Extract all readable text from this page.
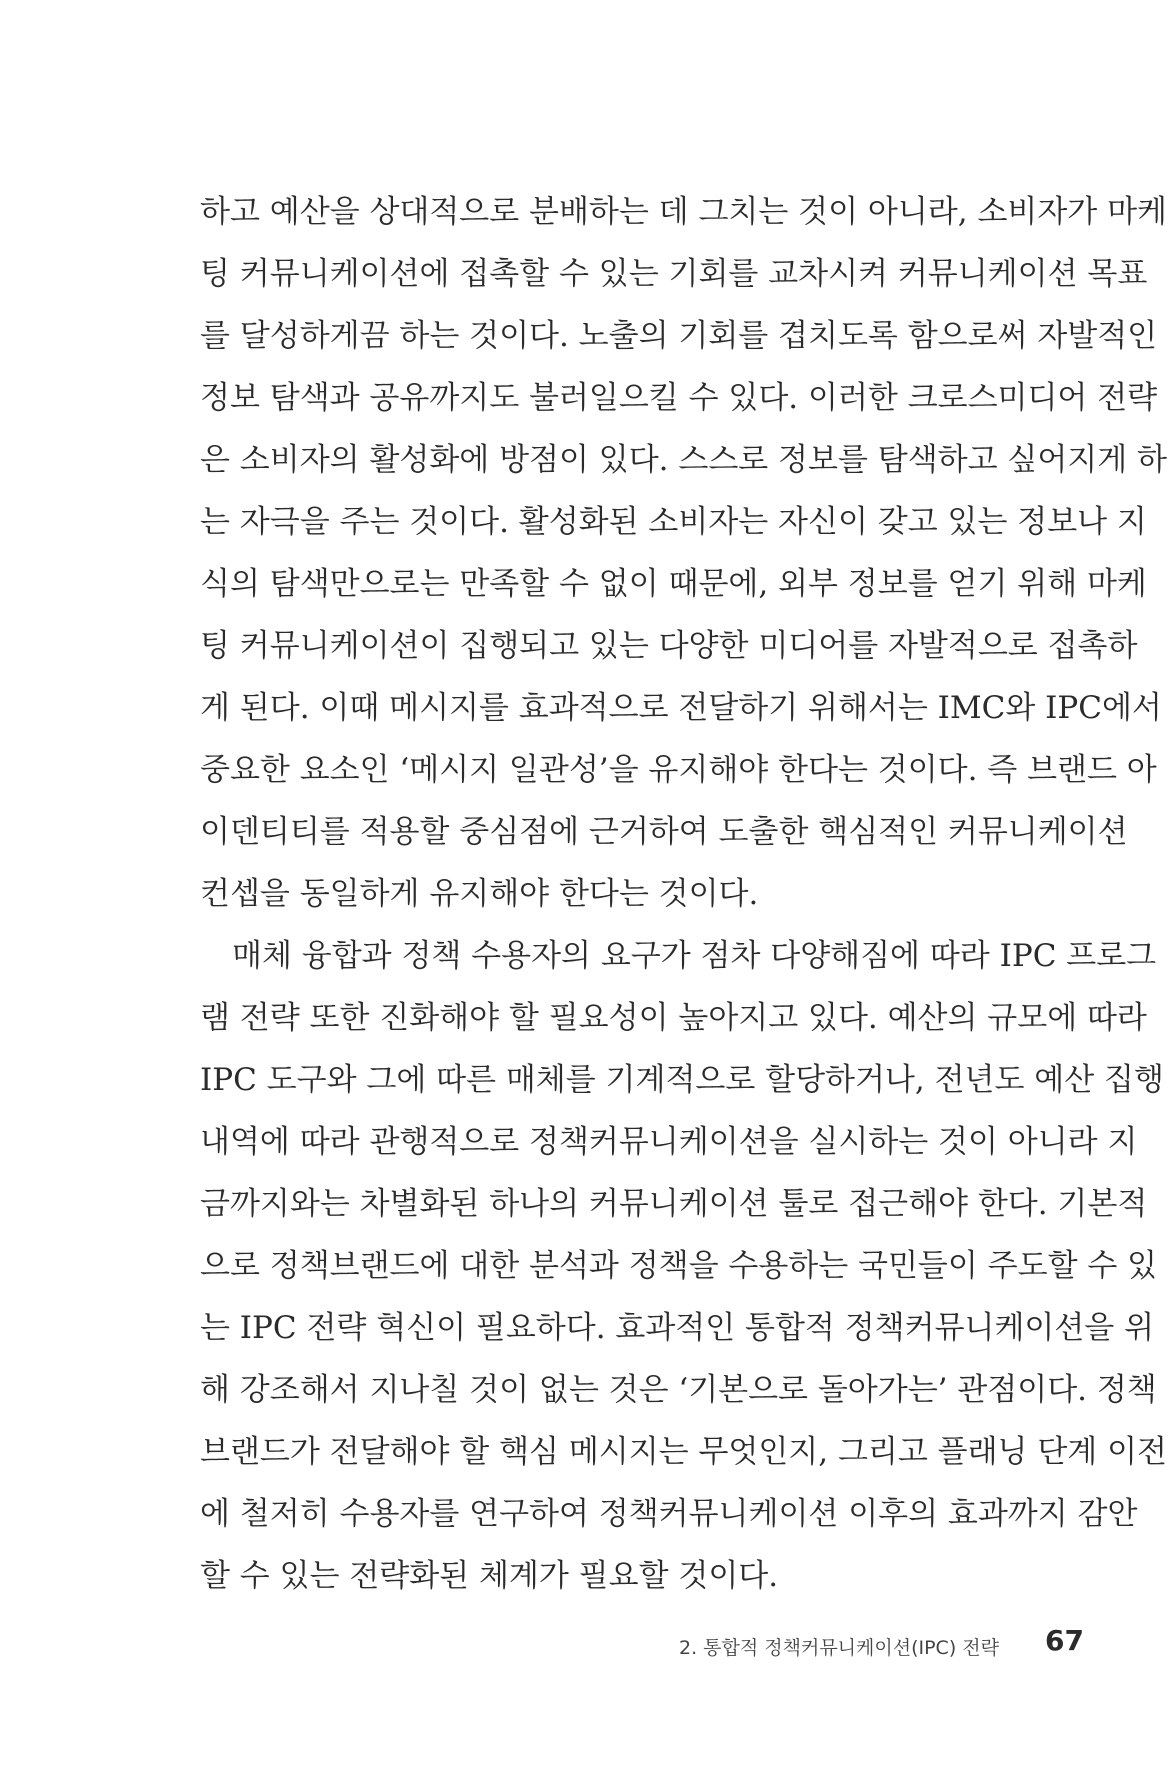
하고 예산을 상대적으로 분배하는 데 그치는 것이 아니라, 소비자가 마케
팅 커뮤니케이션에 접촉할 수 있는 기회를 교차시켜 커뮤니케이션 목표
를 달성하게끔 하는 것이다. 노출의 기회를 겹치도록 함으로써 자발적인
정보 탐색과 공유까지도 불러일으킬 수 있다. 이러한 크로스미디어 전략
은 소비자의 활성화에 방점이 있다. 스스로 정보를 탐색하고 싶어지게 하
는 자극을 주는 것이다. 활성화된 소비자는 자신이 갖고 있는 정보나 지
식의 탐색만으로는 만족할 수 없이 때문에, 외부 정보를 얻기 위해 마케
팅 커뮤니케이션이 집행되고 있는 다양한 미디어를 자발적으로 접촉하
게 된다. 이때 메시지를 효과적으로 전달하기 위해서는 IMC와 IPC에서
중요한 요소인 ‘메시지 일관성’을 유지해야 한다는 것이다. 즉 브랜드 아
이덴티티를 적용할 중심점에 근거하여 도출한 핵심적인 커뮤니케이션
컨셉을 동일하게 유지해야 한다는 것이다.
매체 융합과 정책 수용자의 요구가 점차 다양해짐에 따라 IPC 프로그
램 전략 또한 진화해야 할 필요성이 높아지고 있다. 예산의 규모에 따라
IPC 도구와 그에 따른 매체를 기계적으로 할당하거나, 전년도 예산 집행
내역에 따라 관행적으로 정책커뮤니케이션을 실시하는 것이 아니라 지
금까지와는 차별화된 하나의 커뮤니케이션 툴로 접근해야 한다. 기본적
으로 정책브랜드에 대한 분석과 정책을 수용하는 국민들이 주도할 수 있
는 IPC 전략 혁신이 필요하다. 효과적인 통합적 정책커뮤니케이션을 위
해 강조해서 지나칠 것이 없는 것은 ‘기본으로 돌아가는’ 관점이다. 정책
브랜드가 전달해야 할 핵심 메시지는 무엇인지, 그리고 플래닝 단계 이전
에 철저히 수용자를 연구하여 정책커뮤니케이션 이후의 효과까지 감안
할 수 있는 전략화된 체계가 필요할 것이다.
2. 통합적 정책커뮤니케이션(IPC) 전략 67
